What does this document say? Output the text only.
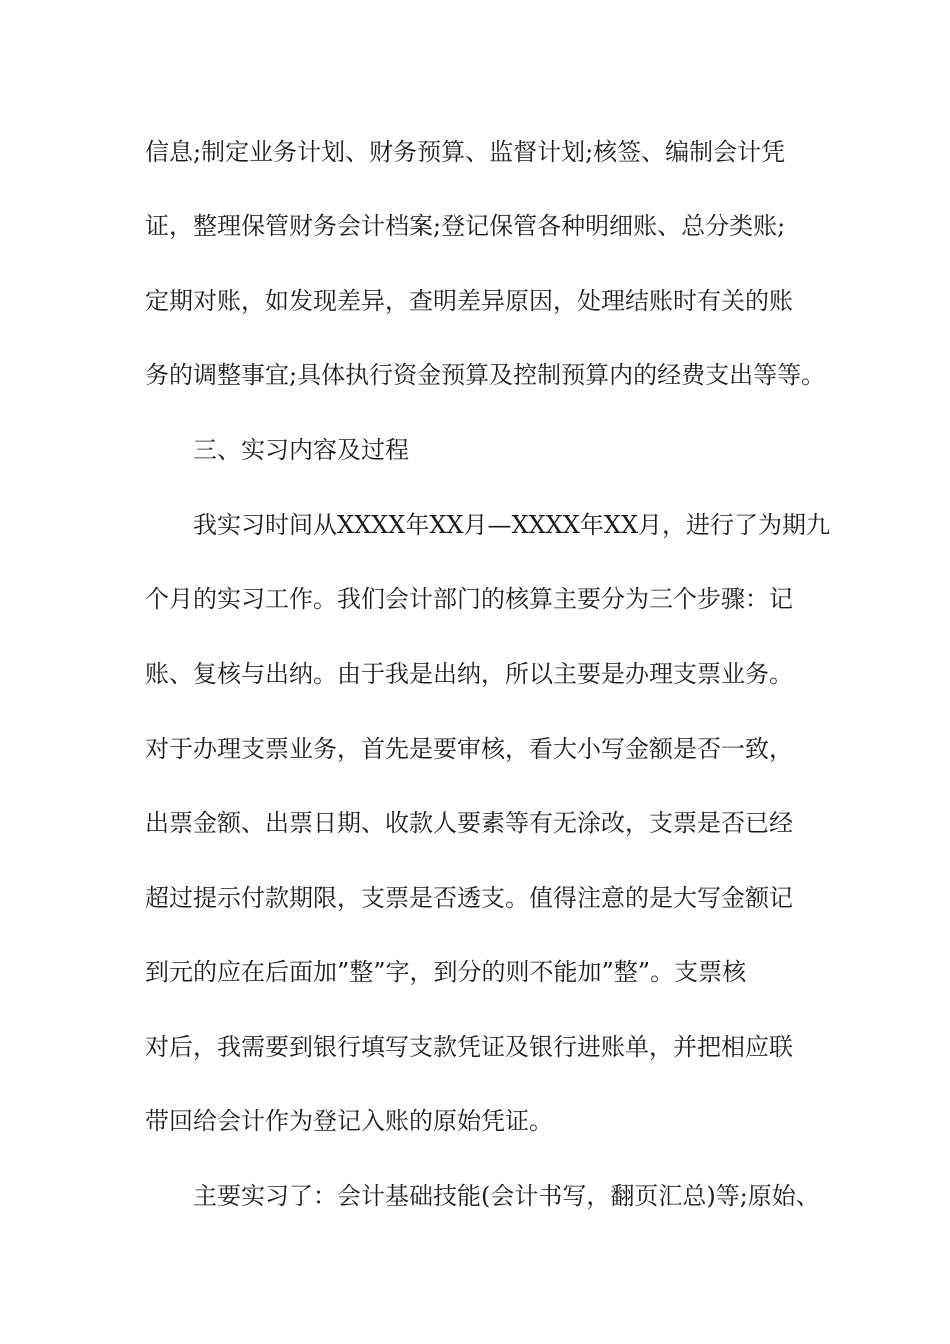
信息;制定业务计划、财务预算、监督计划;核签、编制会计凭
证，整理保管财务会计档案;登记保管各种明细账、总分类账;
定期对账，如发现差异，查明差异原因，处理结账时有关的账
务的调整事宜;具体执行资金预算及控制预算内的经费支出等等。
三、实习内容及过程
我实习时间从XXXX年XX月—XXXX年XX月，进行了为期九
个月的实习工作。我们会计部门的核算主要分为三个步骤：记
账、复核与出纳。由于我是出纳，所以主要是办理支票业务。
对于办理支票业务，首先是要审核，看大小写金额是否一致，
出票金额、出票日期、收款人要素等有无涂改，支票是否已经
超过提示付款期限，支票是否透支。值得注意的是大写金额记
到元的应在后面加”整”字，到分的则不能加”整”。支票核
对后，我需要到银行填写支款凭证及银行进账单，并把相应联
带回给会计作为登记入账的原始凭证。
主要实习了：会计基础技能(会计书写，翻页汇总)等;原始、
